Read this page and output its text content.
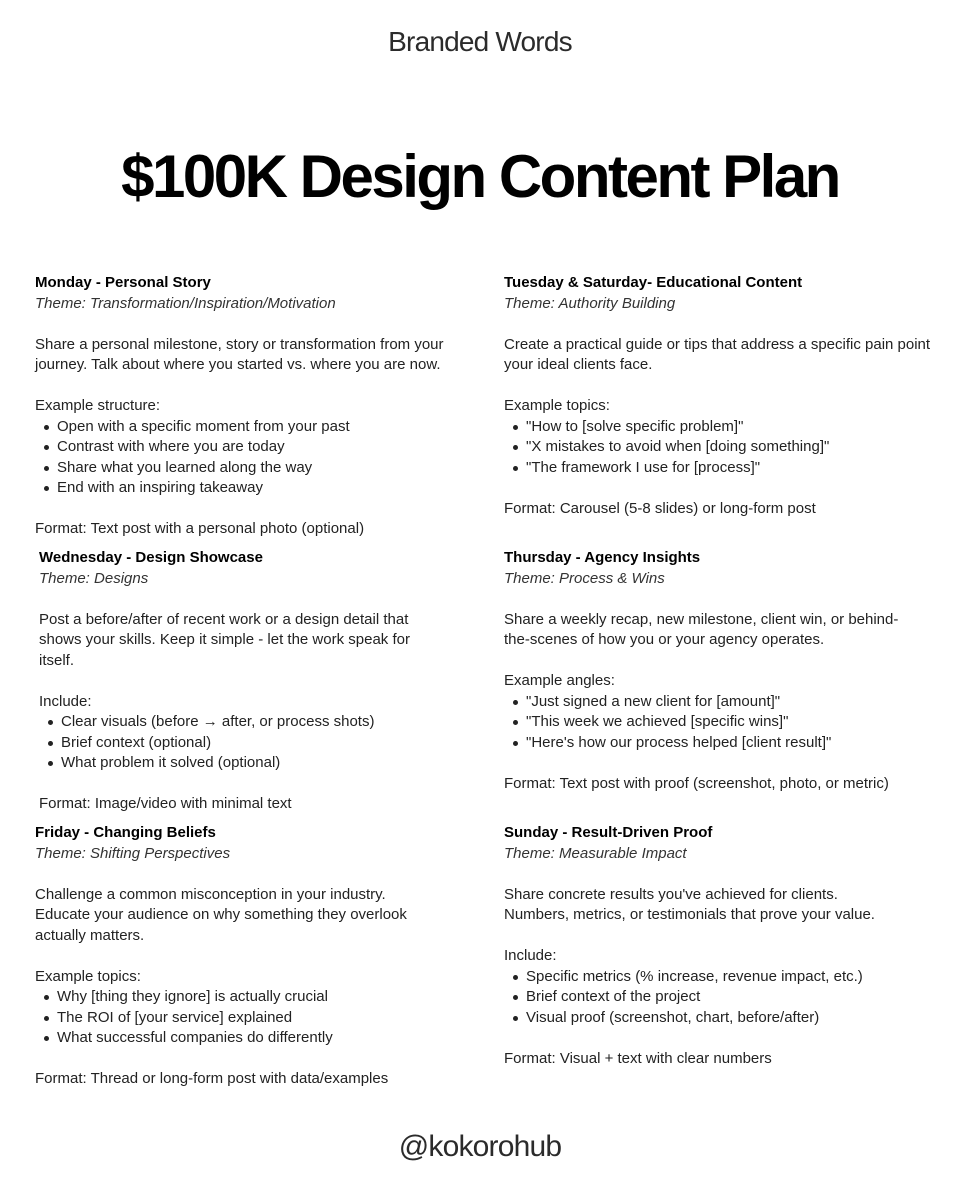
Branded Words
$100K Design Content Plan
Monday - Personal Story
Theme: Transformation/Inspiration/Motivation

Share a personal milestone, story or transformation from your journey. Talk about where you started vs. where you are now.

Example structure:

Open with a specific moment from your past
Contrast with where you are today
Share what you learned along the way
End with an inspiring takeaway

Format: Text post with a personal photo (optional)

Tuesday & Saturday- Educational Content
Theme: Authority Building

Create a practical guide or tips that address a specific pain point your ideal clients face.

Example topics:

"How to [solve specific problem]"
"X mistakes to avoid when [doing something]"
"The framework I use for [process]"

Format: Carousel (5-8 slides) or long-form post

Wednesday - Design Showcase
Theme: Designs

Post a before/after of recent work or a design detail that shows your skills. Keep it simple - let the work speak for itself.

Include:

Clear visuals (before → after, or process shots)
Brief context (optional)
What problem it solved (optional)

Format: Image/video with minimal text

Thursday - Agency Insights
Theme: Process & Wins

Share a weekly recap, new milestone, client win, or behind-the-scenes of how you or your agency operates.

Example angles:

"Just signed a new client for [amount]"
"This week we achieved [specific wins]"
"Here's how our process helped [client result]"

Format: Text post with proof (screenshot, photo, or metric)

Friday - Changing Beliefs
Theme: Shifting Perspectives

Challenge a common misconception in your industry. Educate your audience on why something they overlook actually matters.

Example topics:

Why [thing they ignore] is actually crucial
The ROI of [your service] explained
What successful companies do differently

Format: Thread or long-form post with data/examples

Sunday - Result-Driven Proof
Theme: Measurable Impact

Share concrete results you've achieved for clients. Numbers, metrics, or testimonials that prove your value.

Include:

Specific metrics (% increase, revenue impact, etc.)
Brief context of the project
Visual proof (screenshot, chart, before/after)

Format: Visual + text with clear numbers

@kokorohub
